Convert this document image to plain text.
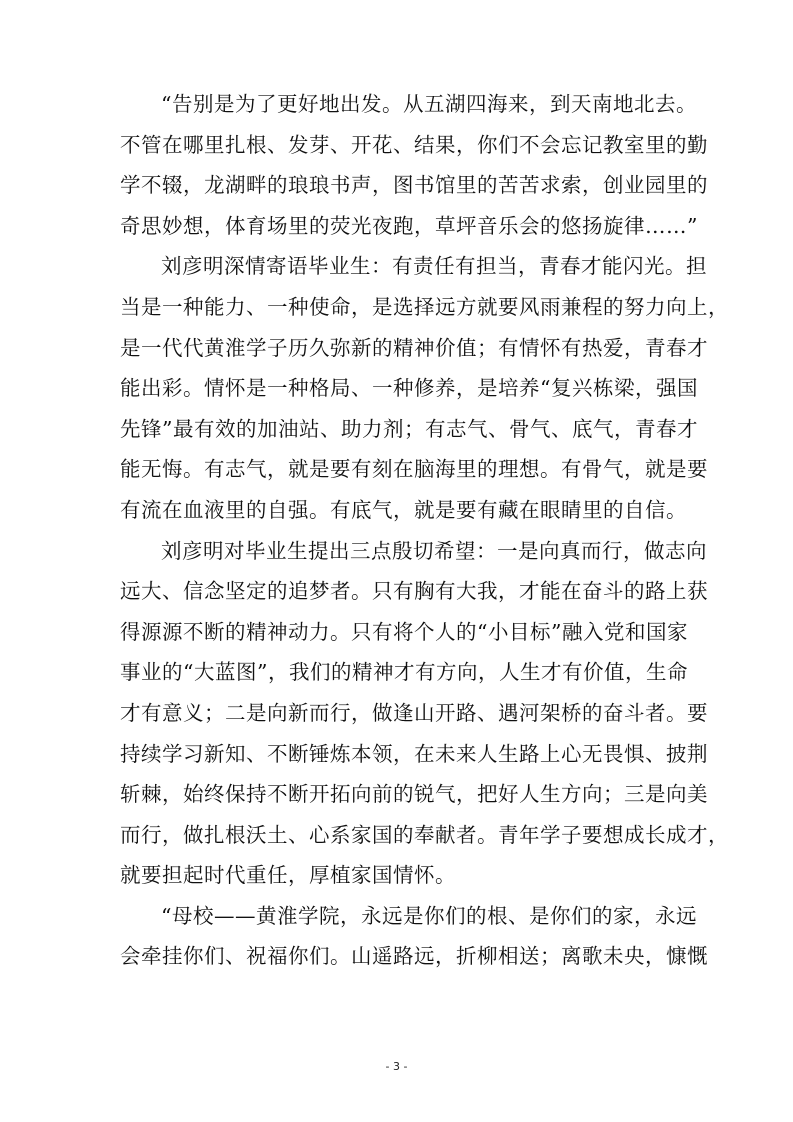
“告别是为了更好地出发。从五湖四海来，到天南地北去。
不管在哪里扎根、发芽、开花、结果，你们不会忘记教室里的勤
学不辍，龙湖畔的琅琅书声，图书馆里的苦苦求索，创业园里的
奇思妙想，体育场里的荧光夜跑，草坪音乐会的悠扬旋律……”

刘彦明深情寄语毕业生：有责任有担当，青春才能闪光。担
当是一种能力、一种使命，是选择远方就要风雨兼程的努力向上，
是一代代黄淮学子历久弥新的精神价值；有情怀有热爱，青春才
能出彩。情怀是一种格局、一种修养，是培养“复兴栋梁，强国
先锋”最有效的加油站、助力剂；有志气、骨气、底气，青春才
能无悔。有志气，就是要有刻在脑海里的理想。有骨气，就是要
有流在血液里的自强。有底气，就是要有藏在眼睛里的自信。

刘彦明对毕业生提出三点殷切希望：一是向真而行，做志向
远大、信念坚定的追梦者。只有胸有大我，才能在奋斗的路上获
得源源不断的精神动力。只有将个人的“小目标”融入党和国家
事业的“大蓝图”，我们的精神才有方向，人生才有价值，生命
才有意义；二是向新而行，做逢山开路、遇河架桥的奋斗者。要
持续学习新知、不断锤炼本领，在未来人生路上心无畏惧、披荆
斩棘，始终保持不断开拓向前的锐气，把好人生方向；三是向美
而行，做扎根沃土、心系家国的奉献者。青年学子要想成长成才，
就要担起时代重任，厚植家国情怀。

“母校——黄淮学院，永远是你们的根、是你们的家，永远
会牵挂你们、祝福你们。山遥路远，折柳相送；离歌未央，慷慨

- 3 -
